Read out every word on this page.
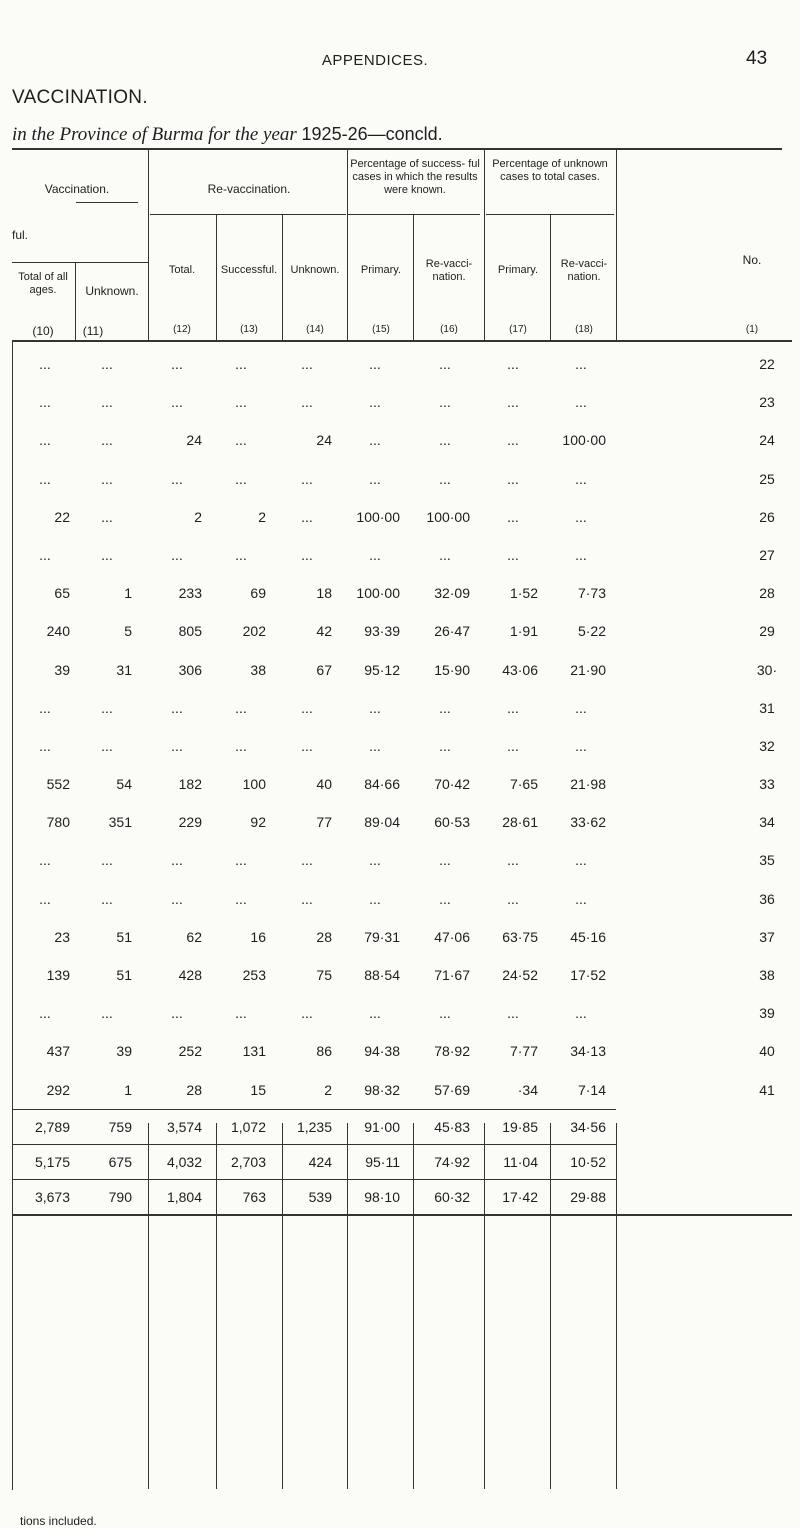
APPENDICES.	43
VACCINATION.
in the Province of Burma for the year 1925-26—concld.
Vaccination.
ful.
Re-vaccination.
Percentage of success- ful cases in which the results were known.
Percentage of unknown cases to total cases.
No.
Total of all ages.	Unknown.
Total.	Successful.	Unknown.	Primary.	Re-vacci- nation.
Primary.	Re-vacci- nation.
(10)	(11)	(12)	(13)	(14)	(15)	(16)	(17)	(18)	(1)
...	...	...	...	...	...	...	...	...	22
...	...	...	...	...	...	...	...	...	23
...	...	24	...	24	...	...	...	100·00	24
...	...	...	...	...	...	...	...	...	25
22	...	2	2	...	100·00	100·00	...	...	26
...	...	...	...	...	...	...	...	...	27
65	1	233	69	18	100·00	32·09	1·52	7·73	28
240	5	805	202	42	93·39	26·47	1·91	5·22	29
39	31	306	38	67	95·12	15·90	43·06	21·90	30·
...	...	...	...	...	...	...	...	...	31
...	...	...	...	...	...	...	...	...	32
552	54	182	100	40	84·66	70·42	7·65	21·98	33
780	351	229	92	77	89·04	60·53	28·61	33·62	34
...	...	...	...	...	...	...	...	...	35
...	...	...	...	...	...	...	...	...	36
23	51	62	16	28	79·31	47·06	63·75	45·16	37
139	51	428	253	75	88·54	71·67	24·52	17·52	38
...	...	...	...	...	...	...	...	...	39
437	39	252	131	86	94·38	78·92	7·77	34·13	40
292	1	28	15	2	98·32	57·69	·34	7·14	41
2,789	759	3,574	1,072	1,235	91·00	45·83	19·85	34·56
5,175	675	4,032	2,703	424	95·11	74·92	11·04	10·52
3,673	790	1,804	763	539	98·10	60·32	17·42	29·88
tions included.
